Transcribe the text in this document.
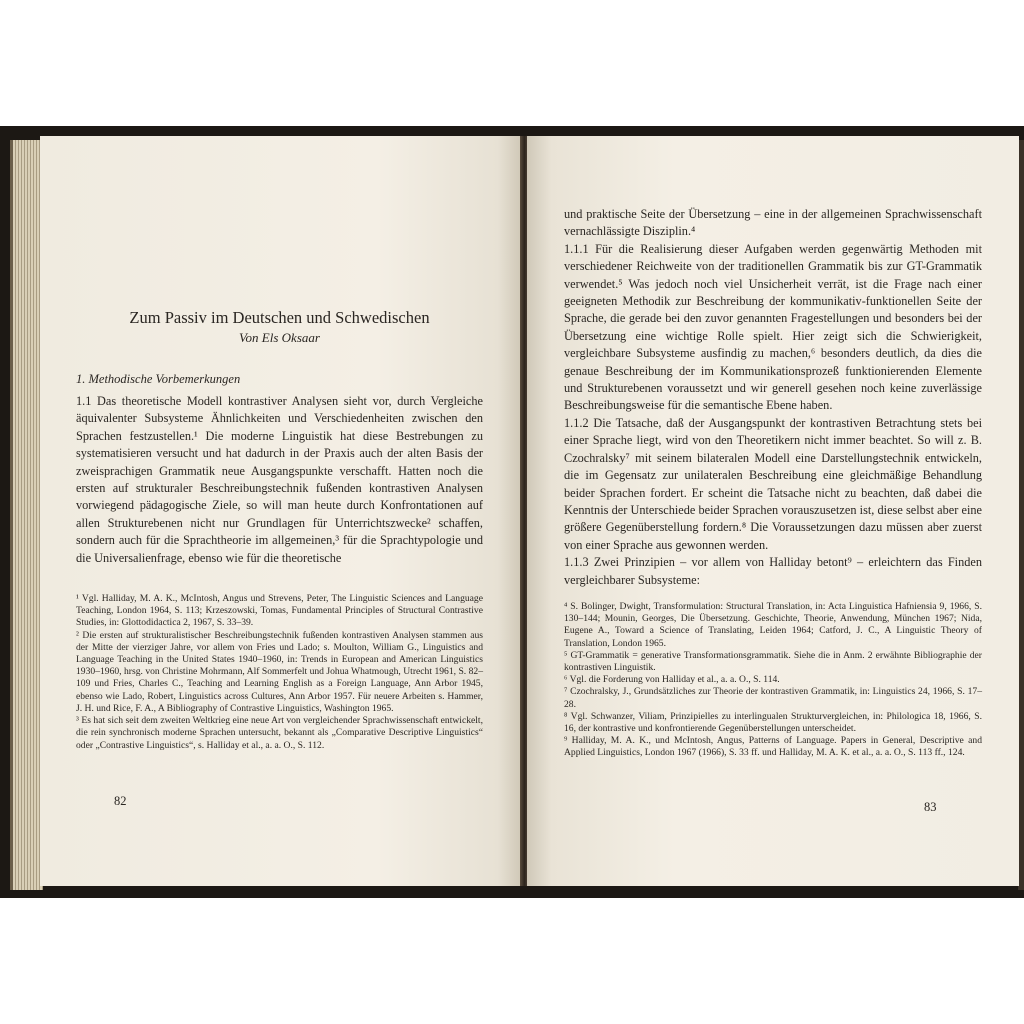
Zum Passiv im Deutschen und Schwedischen
Von Els Oksaar
1. Methodische Vorbemerkungen

1.1 Das theoretische Modell kontrastiver Analysen sieht vor, durch Vergleiche äquivalenter Subsysteme Ähnlichkeiten und Verschiedenheiten zwischen den Sprachen festzustellen.¹ Die moderne Linguistik hat diese Bestrebungen zu systematisieren versucht und hat dadurch in der Praxis auch der alten Basis der zweisprachigen Grammatik neue Ausgangspunkte verschafft. Hatten noch die ersten auf strukturaler Beschreibungstechnik fußenden kontrastiven Analysen vorwiegend pädagogische Ziele, so will man heute durch Konfrontationen auf allen Strukturebenen nicht nur Grundlagen für Unterrichtszwecke² schaffen, sondern auch für die Sprachtheorie im allgemeinen,³ für die Sprachtypologie und die Universalienfrage, ebenso wie für die theoretische

¹ Vgl. Halliday, M. A. K., McIntosh, Angus und Strevens, Peter, The Linguistic Sciences and Language Teaching, London 1964, S. 113; Krzeszowski, Tomas, Fundamental Principles of Structural Contrastive Studies, in: Glottodidactica 2, 1967, S. 33–39.

² Die ersten auf strukturalistischer Beschreibungstechnik fußenden kontrastiven Analysen stammen aus der Mitte der vierziger Jahre, vor allem von Fries und Lado; s. Moulton, William G., Linguistics and Language Teaching in the United States 1940–1960, in: Trends in European and American Linguistics 1930–1960, hrsg. von Christine Mohrmann, Alf Sommerfelt und Johua Whatmough, Utrecht 1961, S. 82–109 und Fries, Charles C., Teaching and Learning English as a Foreign Language, Ann Arbor 1945, ebenso wie Lado, Robert, Linguistics across Cultures, Ann Arbor 1957. Für neuere Arbeiten s. Hammer, J. H. und Rice, F. A., A Bibliography of Contrastive Linguistics, Washington 1965.

³ Es hat sich seit dem zweiten Weltkrieg eine neue Art von vergleichender Sprachwissenschaft entwickelt, die rein synchronisch moderne Sprachen untersucht, bekannt als „Comparative Descriptive Linguistics“ oder „Contrastive Linguistics“, s. Halliday et al., a. a. O., S. 112.

82

und praktische Seite der Übersetzung – eine in der allgemeinen Sprachwissenschaft vernachlässigte Disziplin.⁴

1.1.1 Für die Realisierung dieser Aufgaben werden gegenwärtig Methoden mit verschiedener Reichweite von der traditionellen Grammatik bis zur GT-Grammatik verwendet.⁵ Was jedoch noch viel Unsicherheit verrät, ist die Frage nach einer geeigneten Methodik zur Beschreibung der kommunikativ-funktionellen Seite der Sprache, die gerade bei den zuvor genannten Fragestellungen und besonders bei der Übersetzung eine wichtige Rolle spielt. Hier zeigt sich die Schwierigkeit, vergleichbare Subsysteme ausfindig zu machen,⁶ besonders deutlich, da dies die genaue Beschreibung der im Kommunikationsprozeß funktionierenden Elemente und Strukturebenen voraussetzt und wir generell gesehen noch keine zuverlässige Beschreibungsweise für die semantische Ebene haben.

1.1.2 Die Tatsache, daß der Ausgangspunkt der kontrastiven Betrachtung stets bei einer Sprache liegt, wird von den Theoretikern nicht immer beachtet. So will z. B. Czochralsky⁷ mit seinem bilateralen Modell eine Darstellungstechnik entwickeln, die im Gegensatz zur unilateralen Beschreibung eine gleichmäßige Behandlung beider Sprachen fordert. Er scheint die Tatsache nicht zu beachten, daß dabei die Kenntnis der Unterschiede beider Sprachen vorauszusetzen ist, diese selbst aber eine größere Gegenüberstellung fordern.⁸ Die Voraussetzungen dazu müssen aber zuerst von einer Sprache aus gewonnen werden.

1.1.3 Zwei Prinzipien – vor allem von Halliday betont⁹ – erleichtern das Finden vergleichbarer Subsysteme:

⁴ S. Bolinger, Dwight, Transformulation: Structural Translation, in: Acta Linguistica Hafniensia 9, 1966, S. 130–144; Mounin, Georges, Die Übersetzung. Geschichte, Theorie, Anwendung, München 1967; Nida, Eugene A., Toward a Science of Translating, Leiden 1964; Catford, J. C., A Linguistic Theory of Translation, London 1965.

⁵ GT-Grammatik = generative Transformationsgrammatik. Siehe die in Anm. 2 erwähnte Bibliographie der kontrastiven Linguistik.

⁶ Vgl. die Forderung von Halliday et al., a. a. O., S. 114.

⁷ Czochralsky, J., Grundsätzliches zur Theorie der kontrastiven Grammatik, in: Linguistics 24, 1966, S. 17–28.

⁸ Vgl. Schwanzer, Viliam, Prinzipielles zu interlingualen Strukturvergleichen, in: Philologica 18, 1966, S. 16, der kontrastive und konfrontierende Gegenüberstellungen unterscheidet.

⁹ Halliday, M. A. K., und McIntosh, Angus, Patterns of Language. Papers in General, Descriptive and Applied Linguistics, London 1967 (1966), S. 33 ff. und Halliday, M. A. K. et al., a. a. O., S. 113 ff., 124.

83
